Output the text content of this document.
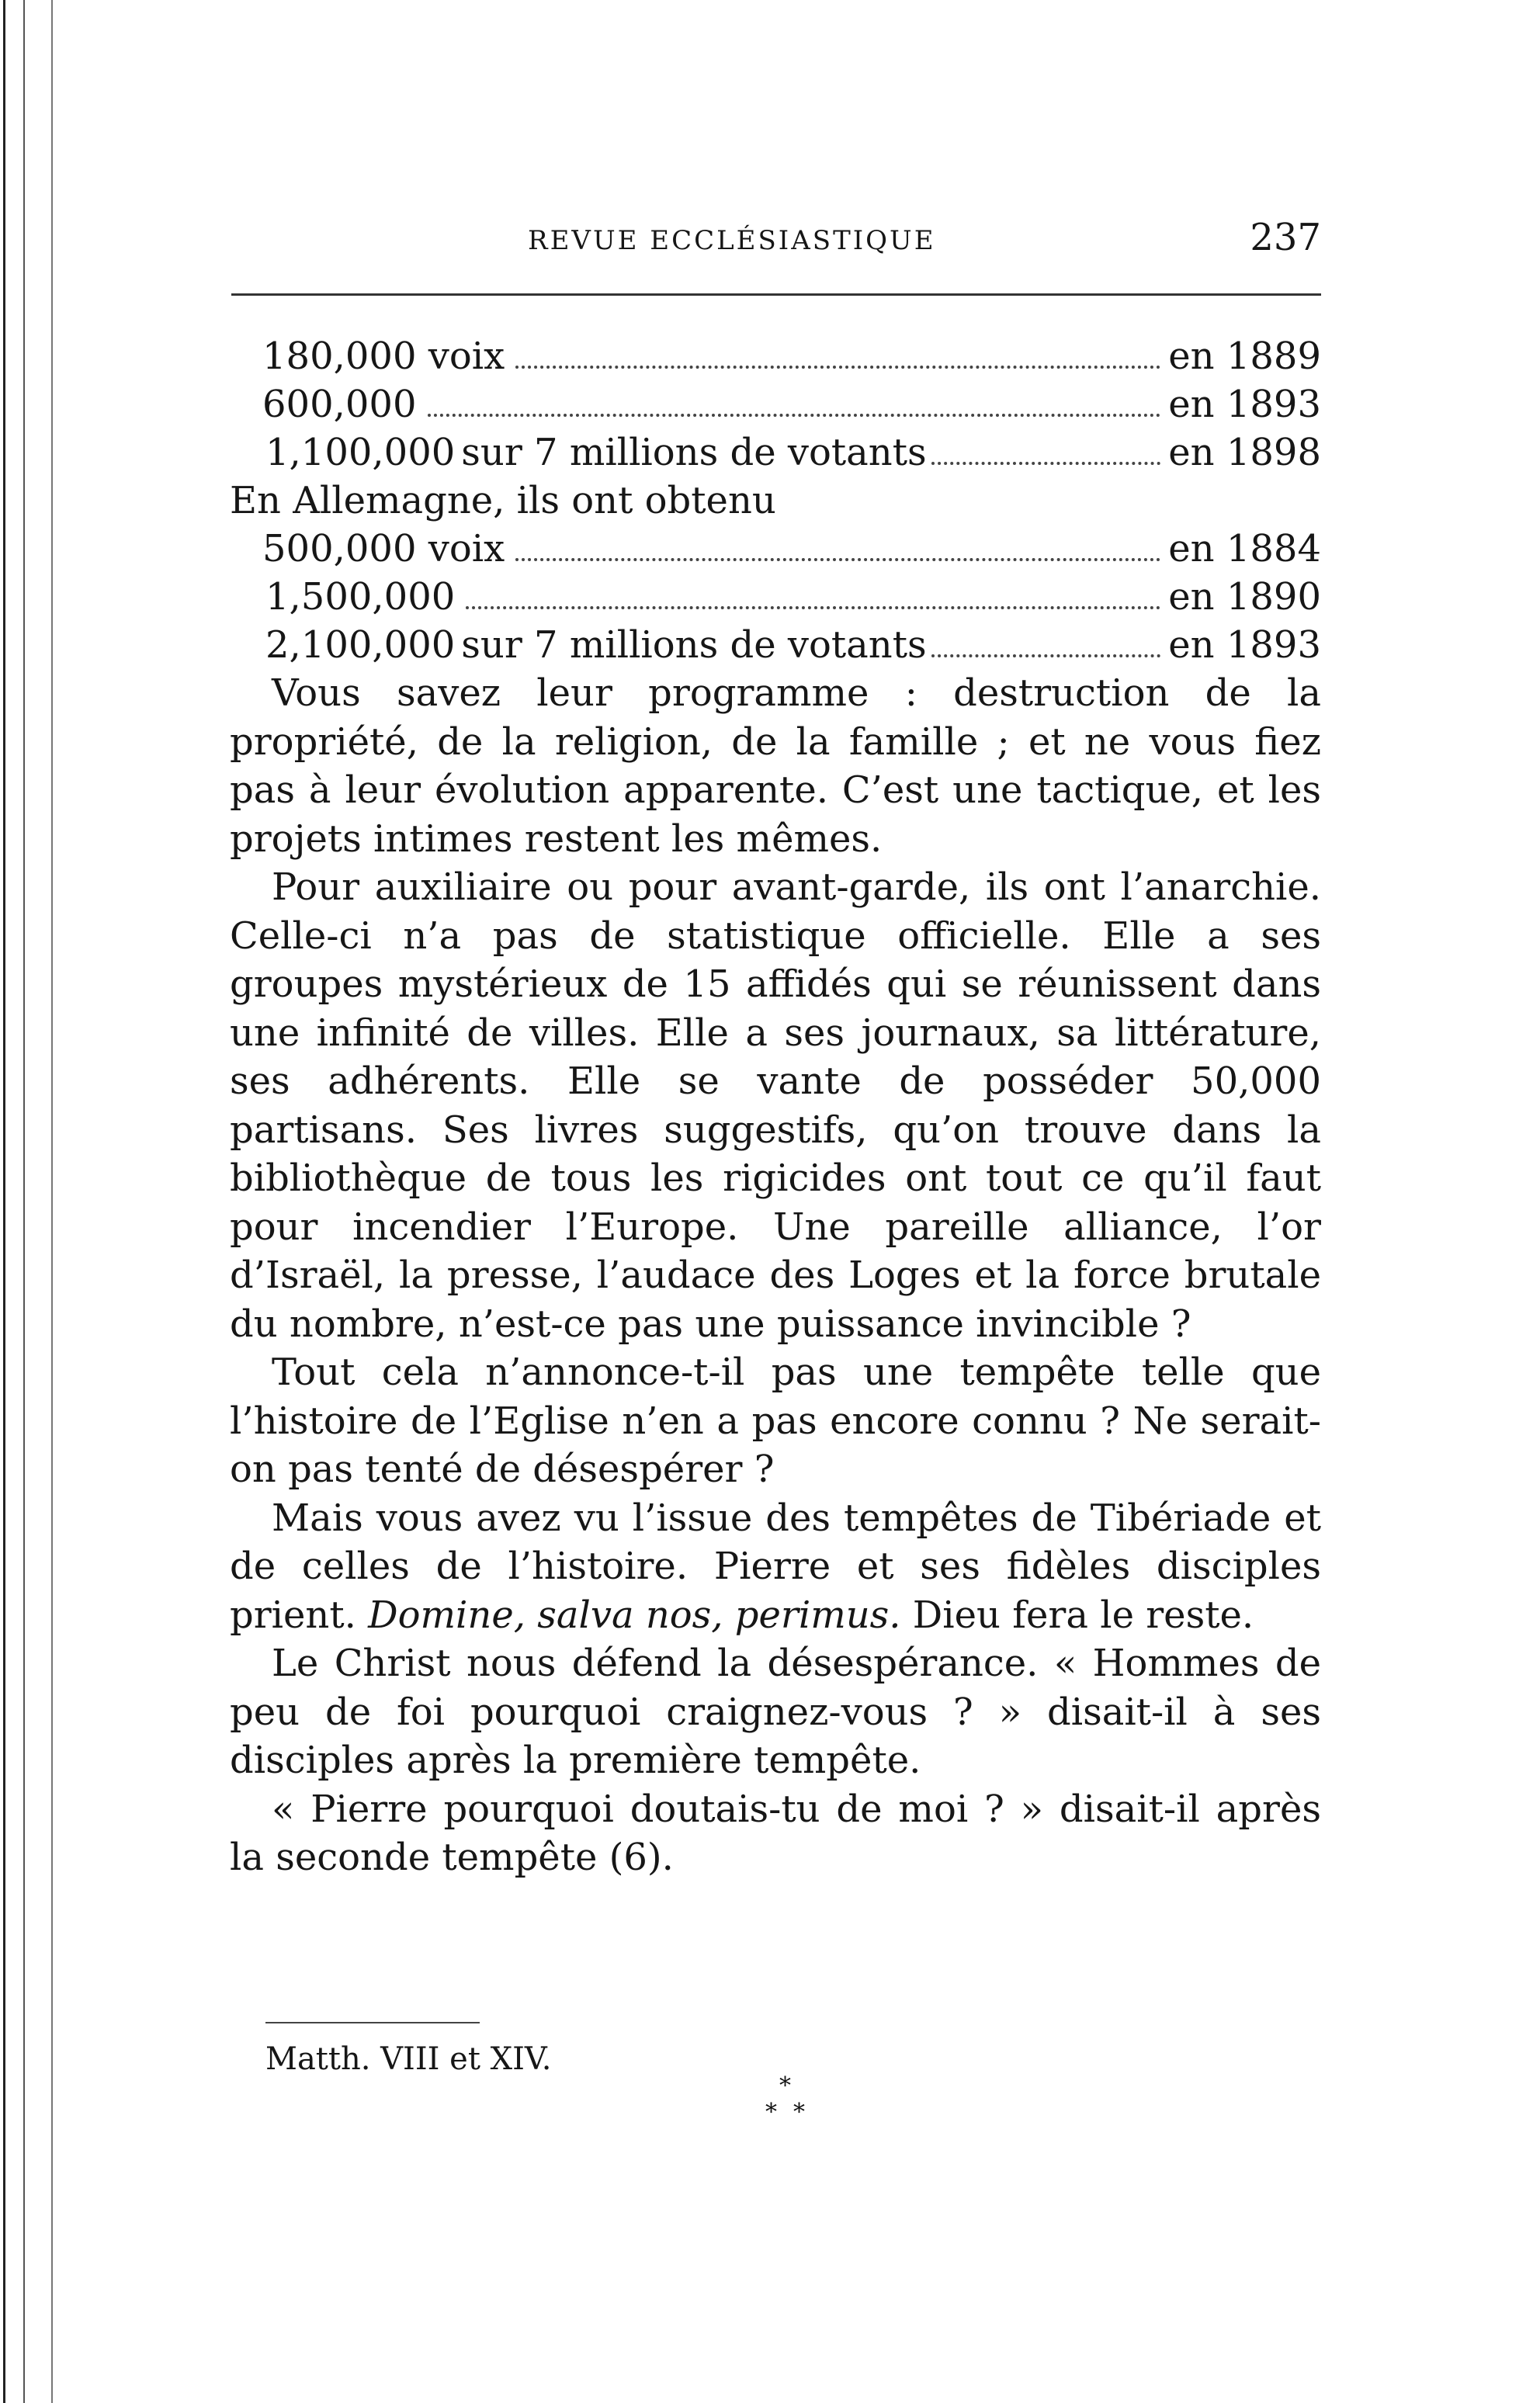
REVUE ECCLÉSIASTIQUE	237
180,000 voix	en 1889
600,000	en 1893
1,100,000 sur 7 millions de votants	en 1898
En Allemagne, ils ont obtenu
500,000 voix	en 1884
1,500,000	en 1890
2,100,000 sur 7 millions de votants	en 1893

Vous savez leur programme : destruction de la propriété, de la religion, de la famille ; et ne vous fiez pas à leur évolution apparente. C’est une tactique, et les projets intimes restent les mêmes.

Pour auxiliaire ou pour avant-garde, ils ont l’anarchie. Celle-ci n’a pas de statistique officielle. Elle a ses groupes mystérieux de 15 affidés qui se réunissent dans une infinité de villes. Elle a ses journaux, sa littérature, ses adhérents. Elle se vante de posséder 50,000 partisans. Ses livres suggestifs, qu’on trouve dans la bibliothèque de tous les rigicides ont tout ce qu’il faut pour incendier l’Europe. Une pareille alliance, l’or d’Israël, la presse, l’audace des Loges et la force brutale du nombre, n’est-ce pas une puissance invincible ?

Tout cela n’annonce-t-il pas une tempête telle que l’histoire de l’Eglise n’en a pas encore connu ? Ne serait-on pas tenté de désespérer ?

Mais vous avez vu l’issue des tempêtes de Tibériade et de celles de l’histoire. Pierre et ses fidèles disciples prient. Domine, salva nos, perimus. Dieu fera le reste.

Le Christ nous défend la désespérance. « Hommes de peu de foi pourquoi craignez-vous ? » disait-il à ses disciples après la première tempête.

« Pierre pourquoi doutais-tu de moi ? » disait-il après la seconde tempête (6).

Matth. VIII et XIV.
*
* *
